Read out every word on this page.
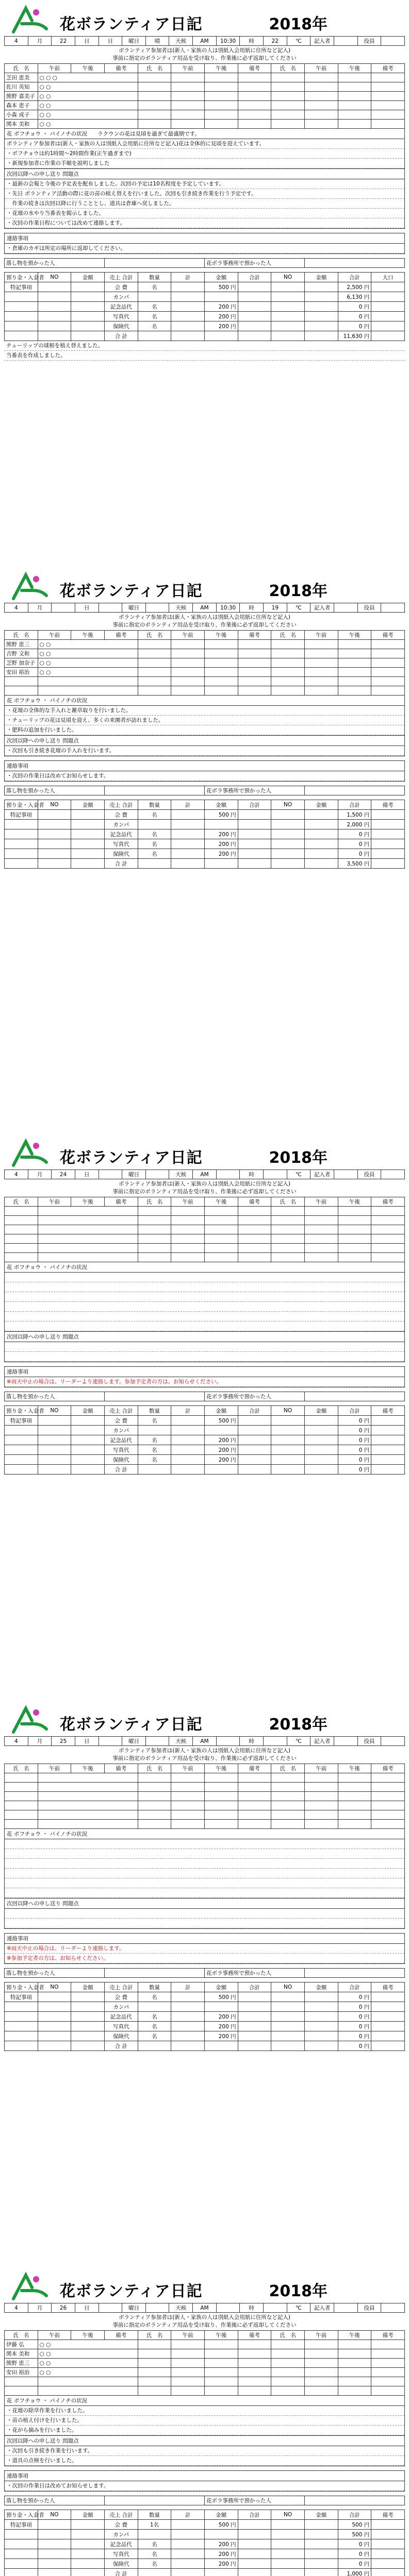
花ボランティア日記	2018年
4	月	22	日	日	曜日	晴	天候	AM	10:30	時	22	℃	記入者		役員	
ボランティア参加者は(新人・家族の人は別紙入会用紙に住所など記入)
事前に指定のボランティア用品を受け取り、作業後に必ず返却してください
氏　名	午前	午後	備考	氏　名	午前	午後	備考	氏　名	午前	午後	備考
芝田 恵美	○ ○ ○										
佐川 英知	○ ○										
熊野 嘉美子	○ ○										
森本 恵子	○ ○										
小森 成子	○ ○										
関本 美和	○ ○										
花 ボフチョウ ・ パイノチの状況 ラクウンの花は見頃を過ぎて最盛期です。
ボランティア参加者は(新人・家族の人は別紙入会用紙に住所など記入)花は全体的に見頃を迎えています。
・ボフチョウは約1時間〜2時間作業(正午過ぎまで)
・新規参加者に作業の手順を説明しました
次回以降への申し送り 問題点
・最新の会報と今後の予定表を配布しました。次回の予定は10名程度を予定しています。
・先日 ボランティア活動の際に花の苗の植え替えを行いました。次回も引き続き作業を行う予定です。
　作業の続きは次回以降に行うこととし、道具は倉庫へ戻しました。
・花壇の水やり当番表を掲示しました。
・次回の作業日程については改めて連絡します。
連絡事項
・倉庫のカギは所定の場所に返却してください。
落し物を預かった人		花ボラ事務所で預かった人	
預り金・入金者	NO	金額	売上 合計	数量	計	金額	合計	NO	金額	合計	大口
特記事項			会 費	名		500 円				2,500 円	
			カンパ							6,130 円	
			記念品代	名		200 円				0 円	
			写真代	名		200 円				0 円	
			保険代	名		200 円				0 円	
			合 計							11,630 円	
チューリップの球根を植え替えました。
当番表を作成しました。
花ボランティア日記	2018年
4	月		日		曜日		天候	AM	10:30	時	19	℃	記入者		役員	
ボランティア参加者は(新人・家族の人は別紙入会用紙に住所など記入)
事前に指定のボランティア用品を受け取り、作業後に必ず返却してください
氏　名	午前	午後	備考	氏　名	午前	午後	備考	氏　名	午前	午後	備考
熊野 恵三	○ ○										
吉野 文和	○ ○										
芝野 加奈子	○ ○										
安田 裕治	○ ○										

花 ボフチョウ ・ パイノチの状況
・花壇の全体的な手入れと雑草取りを行いました。
・チューリップの花は見頃を迎え、多くの来園者が訪れました。
・肥料の追加を行いました。
次回以降への申し送り 問題点
・次回も引き続き花壇の手入れを行います。
連絡事項
・次回の作業日は改めてお知らせします。
落し物を預かった人		花ボラ事務所で預かった人	
預り金・入金者	NO	金額	売上 合計	数量	計	金額	合計	NO	金額	合計	備考
特記事項			会 費	名		500 円				1,500 円	
			カンパ							2,000 円	
			記念品代	名		200 円				0 円	
			写真代	名		200 円				0 円	
			保険代	名		200 円				0 円	
			合 計							3,500 円	
花ボランティア日記	2018年
4	月	24	日		曜日		天候	AM		時		℃	記入者		役員	
ボランティア参加者は(新人・家族の人は別紙入会用紙に住所など記入)
事前に指定のボランティア用品を受け取り、作業後に必ず返却してください
氏　名	午前	午後	備考	氏　名	午前	午後	備考	氏　名	午前	午後	備考

花 ボフチョウ ・ パイノチの状況
次回以降への申し送り 問題点
連絡事項
※雨天中止の場合は、リーダーより連絡します。参加予定者の方は、お知らせください。
落し物を預かった人		花ボラ事務所で預かった人	
預り金・入金者	NO	金額	売上 合計	数量	計	金額	合計	NO	金額	合計	備考
特記事項			会 費	名		500 円				0 円	
			カンパ							0 円	
			記念品代	名		200 円				0 円	
			写真代	名		200 円				0 円	
			保険代	名		200 円				0 円	
			合 計							0 円	
花ボランティア日記	2018年
4	月	25	日		曜日		天候	AM		時		℃	記入者		役員	
ボランティア参加者は(新人・家族の人は別紙入会用紙に住所など記入)
事前に指定のボランティア用品を受け取り、作業後に必ず返却してください
氏　名	午前	午後	備考	氏　名	午前	午後	備考	氏　名	午前	午後	備考

花 ボフチョウ ・ パイノチの状況
次回以降への申し送り 問題点
連絡事項
※雨天中止の場合は、リーダーより連絡します。
※参加予定者の方は、お知らせください。
落し物を預かった人		花ボラ事務所で預かった人	
預り金・入金者	NO	金額	売上 合計	数量	計	金額	合計	NO	金額	合計	備考
特記事項			会 費	名		500 円				0 円	
			カンパ							0 円	
			記念品代	名		200 円				0 円	
			写真代	名		200 円				0 円	
			保険代	名		200 円				0 円	
			合 計							0 円	
花ボランティア日記	2018年
4	月	26	日		曜日		天候	AM		時		℃	記入者		役員	
ボランティア参加者は(新人・家族の人は別紙入会用紙に住所など記入)
事前に指定のボランティア用品を受け取り、作業後に必ず返却してください
氏　名	午前	午後	備考	氏　名	午前	午後	備考	氏　名	午前	午後	備考
伊藤 弘	○ ○										
関本 美和	○ ○										
熊野 恵三	○ ○										
安田 裕治	○ ○										

花 ボフチョウ ・ パイノチの状況
・花壇の除草作業を行いました。
・苗の植え付けを行いました。
・花がら摘みを行いました。
次回以降への申し送り 問題点
・次回も引き続き作業を行います。
・道具の点検を行いました。
連絡事項
・次回の作業日は改めてお知らせします。
落し物を預かった人		花ボラ事務所で預かった人	
預り金・入金者	NO	金額	売上 合計	数量	計	金額	合計	NO	金額	合計	備考
特記事項			会 費	1名		500 円				500 円	
			カンパ							500 円	
			記念品代	名		200 円				0 円	
			写真代	名		200 円				0 円	
			保険代	名		200 円				0 円	
			合 計							1,000 円	
